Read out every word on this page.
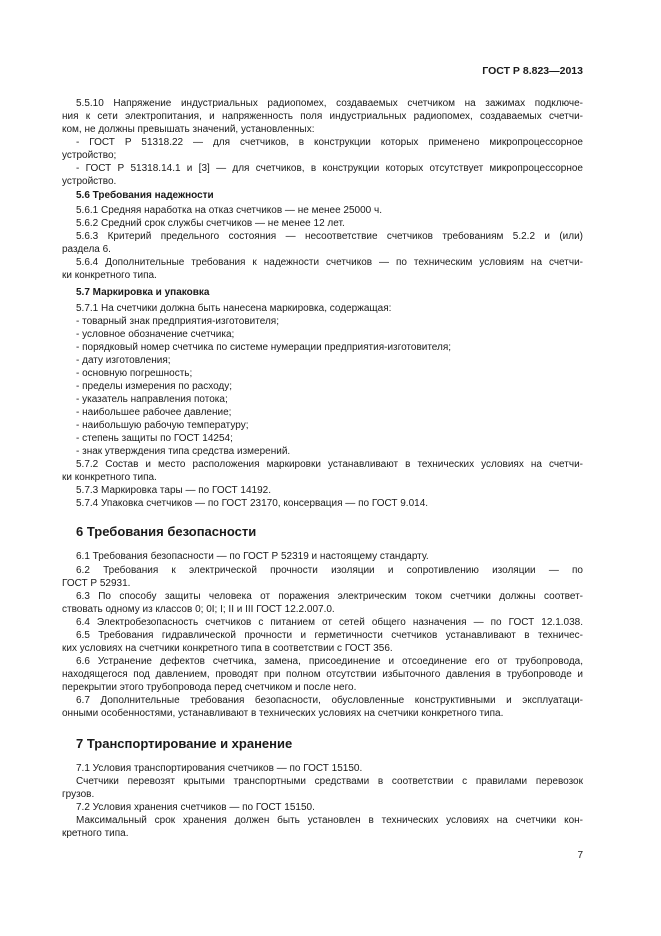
ГОСТ Р 8.823—2013

5.5.10 Напряжение индустриальных радиопомех, создаваемых счетчиком на зажимах подключе-

ния к сети электропитания, и напряженность поля индустриальных радиопомех, создаваемых счетчи-

ком, не должны превышать значений, установленных:

- ГОСТ Р 51318.22 — для счетчиков, в конструкции которых применено микропроцессорное

устройство;

- ГОСТ Р 51318.14.1 и [3] — для счетчиков, в конструкции которых отсутствует микропроцессорное

устройство.

5.6 Требования надежности

5.6.1 Средняя наработка на отказ счетчиков — не менее 25000 ч.

5.6.2 Средний срок службы счетчиков — не менее 12 лет.

5.6.3 Критерий предельного состояния — несоответствие счетчиков требованиям 5.2.2 и (или)

раздела 6.

5.6.4 Дополнительные требования к надежности счетчиков — по техническим условиям на счетчи-

ки конкретного типа.

5.7 Маркировка и упаковка

5.7.1 На счетчики должна быть нанесена маркировка, содержащая:

- товарный знак предприятия-изготовителя;

- условное обозначение счетчика;

- порядковый номер счетчика по системе нумерации предприятия-изготовителя;

- дату изготовления;

- основную погрешность;

- пределы измерения по расходу;

- указатель направления потока;

- наибольшее рабочее давление;

- наибольшую рабочую температуру;

- степень защиты по ГОСТ 14254;

- знак утверждения типа средства измерений.

5.7.2 Состав и место расположения маркировки устанавливают в технических условиях на счетчи-

ки конкретного типа.

5.7.3 Маркировка тары — по ГОСТ 14192.

5.7.4 Упаковка счетчиков — по ГОСТ 23170, консервация — по ГОСТ 9.014.

6.1 Требования безопасности — по ГОСТ Р 52319 и настоящему стандарту.

6.2 Требования к электрической прочности изоляции и сопротивлению изоляции — по

ГОСТ Р 52931.

6.3 По способу защиты человека от поражения электрическим током счетчики должны соответ-

ствовать одному из классов 0; 0I; I; II и III ГОСТ 12.2.007.0.

6.4 Электробезопасность счетчиков с питанием от сетей общего назначения — по ГОСТ 12.1.038.

6.5 Требования гидравлической прочности и герметичности счетчиков устанавливают в техничес-

ких условиях на счетчики конкретного типа в соответствии с ГОСТ 356.

6.6 Устранение дефектов счетчика, замена, присоединение и отсоединение его от трубопровода,

находящегося под давлением, проводят при полном отсутствии избыточного давления в трубопроводе и

перекрытии этого трубопровода перед счетчиком и после него.

6.7 Дополнительные требования безопасности, обусловленные конструктивными и эксплуатаци-

онными особенностями, устанавливают в технических условиях на счетчики конкретного типа.

7.1 Условия транспортирования счетчиков — по ГОСТ 15150.

Счетчики перевозят крытыми транспортными средствами в соответствии с правилами перевозок

грузов.

7.2 Условия хранения счетчиков — по ГОСТ 15150.

Максимальный срок хранения должен быть установлен в технических условиях на счетчики кон-

кретного типа.

6 Требования безопасности

7 Транспортирование и хранение

7
